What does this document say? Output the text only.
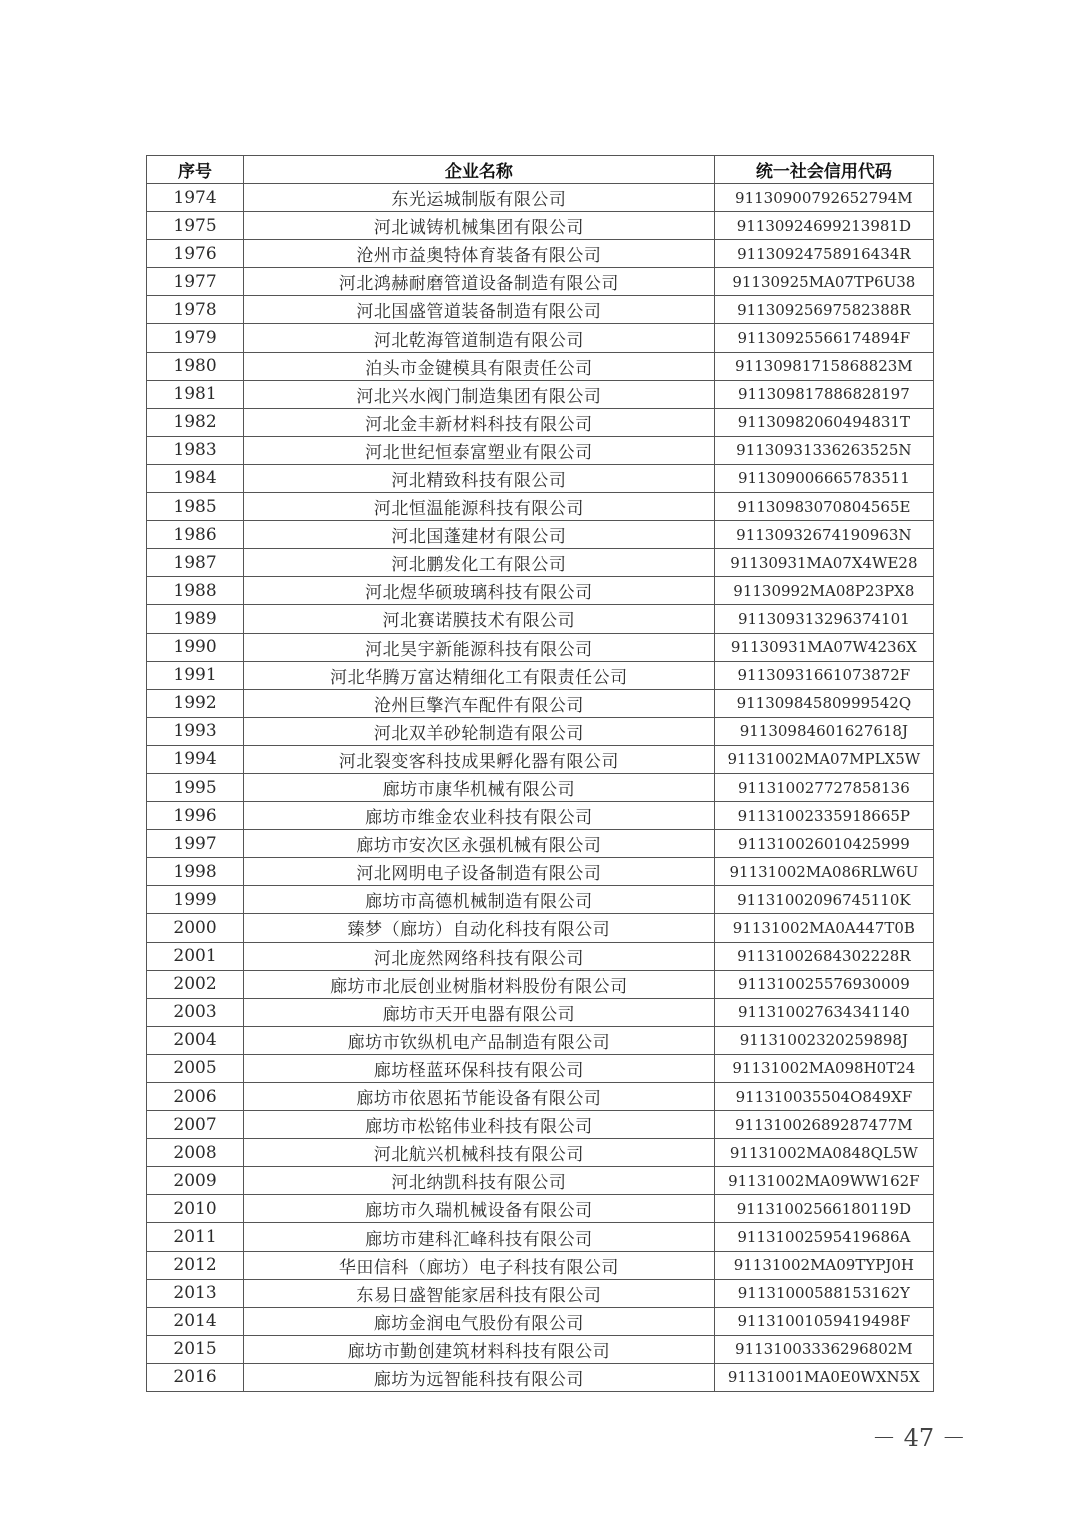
序号	企业名称	统一社会信用代码
1974	东光运城制版有限公司	91130900792652794M
1975	河北诚铸机械集团有限公司	91130924699213981D
1976	沧州市益奥特体育装备有限公司	91130924758916434R
1977	河北鸿赫耐磨管道设备制造有限公司	91130925MA07TP6U38
1978	河北国盛管道装备制造有限公司	91130925697582388R
1979	河北乾海管道制造有限公司	91130925566174894F
1980	泊头市金键模具有限责任公司	91130981715868823M
1981	河北兴水阀门制造集团有限公司	911309817886828197
1982	河北金丰新材料科技有限公司	91130982060494831T
1983	河北世纪恒泰富塑业有限公司	91130931336263525N
1984	河北精致科技有限公司	911309006665783511
1985	河北恒温能源科技有限公司	91130983070804565E
1986	河北国蓬建材有限公司	91130932674190963N
1987	河北鹏发化工有限公司	91130931MA07X4WE28
1988	河北煜华硕玻璃科技有限公司	91130992MA08P23PX8
1989	河北赛诺膜技术有限公司	911309313296374101
1990	河北昊宇新能源科技有限公司	91130931MA07W4236X
1991	河北华腾万富达精细化工有限责任公司	91130931661073872F
1992	沧州巨擎汽车配件有限公司	91130984580999542Q
1993	河北双羊砂轮制造有限公司	91130984601627618J
1994	河北裂变客科技成果孵化器有限公司	91131002MA07MPLX5W
1995	廊坊市康华机械有限公司	911310027727858136
1996	廊坊市维金农业科技有限公司	91131002335918665P
1997	廊坊市安次区永强机械有限公司	911310026010425999
1998	河北网明电子设备制造有限公司	91131002MA086RLW6U
1999	廊坊市高德机械制造有限公司	91131002096745110K
2000	臻梦（廊坊）自动化科技有限公司	91131002MA0A447T0B
2001	河北庞然网络科技有限公司	91131002684302228R
2002	廊坊市北辰创业树脂材料股份有限公司	911310025576930009
2003	廊坊市天开电器有限公司	911310027634341140
2004	廊坊市钦纵机电产品制造有限公司	91131002320259898J
2005	廊坊柽蓝环保科技有限公司	91131002MA098H0T24
2006	廊坊市依恩拓节能设备有限公司	911310035504O849XF
2007	廊坊市松铭伟业科技有限公司	91131002689287477M
2008	河北航兴机械科技有限公司	91131002MA0848QL5W
2009	河北纳凯科技有限公司	91131002MA09WW162F
2010	廊坊市久瑞机械设备有限公司	91131002566180119D
2011	廊坊市建科汇峰科技有限公司	91131002595419686A
2012	华田信科（廊坊）电子科技有限公司	91131002MA09TYPJ0H
2013	东易日盛智能家居科技有限公司	91131000588153162Y
2014	廊坊金润电气股份有限公司	91131001059419498F
2015	廊坊市勤创建筑材料科技有限公司	91131003336296802M
2016	廊坊为远智能科技有限公司	91131001MA0E0WXN5X
－ 47 －
